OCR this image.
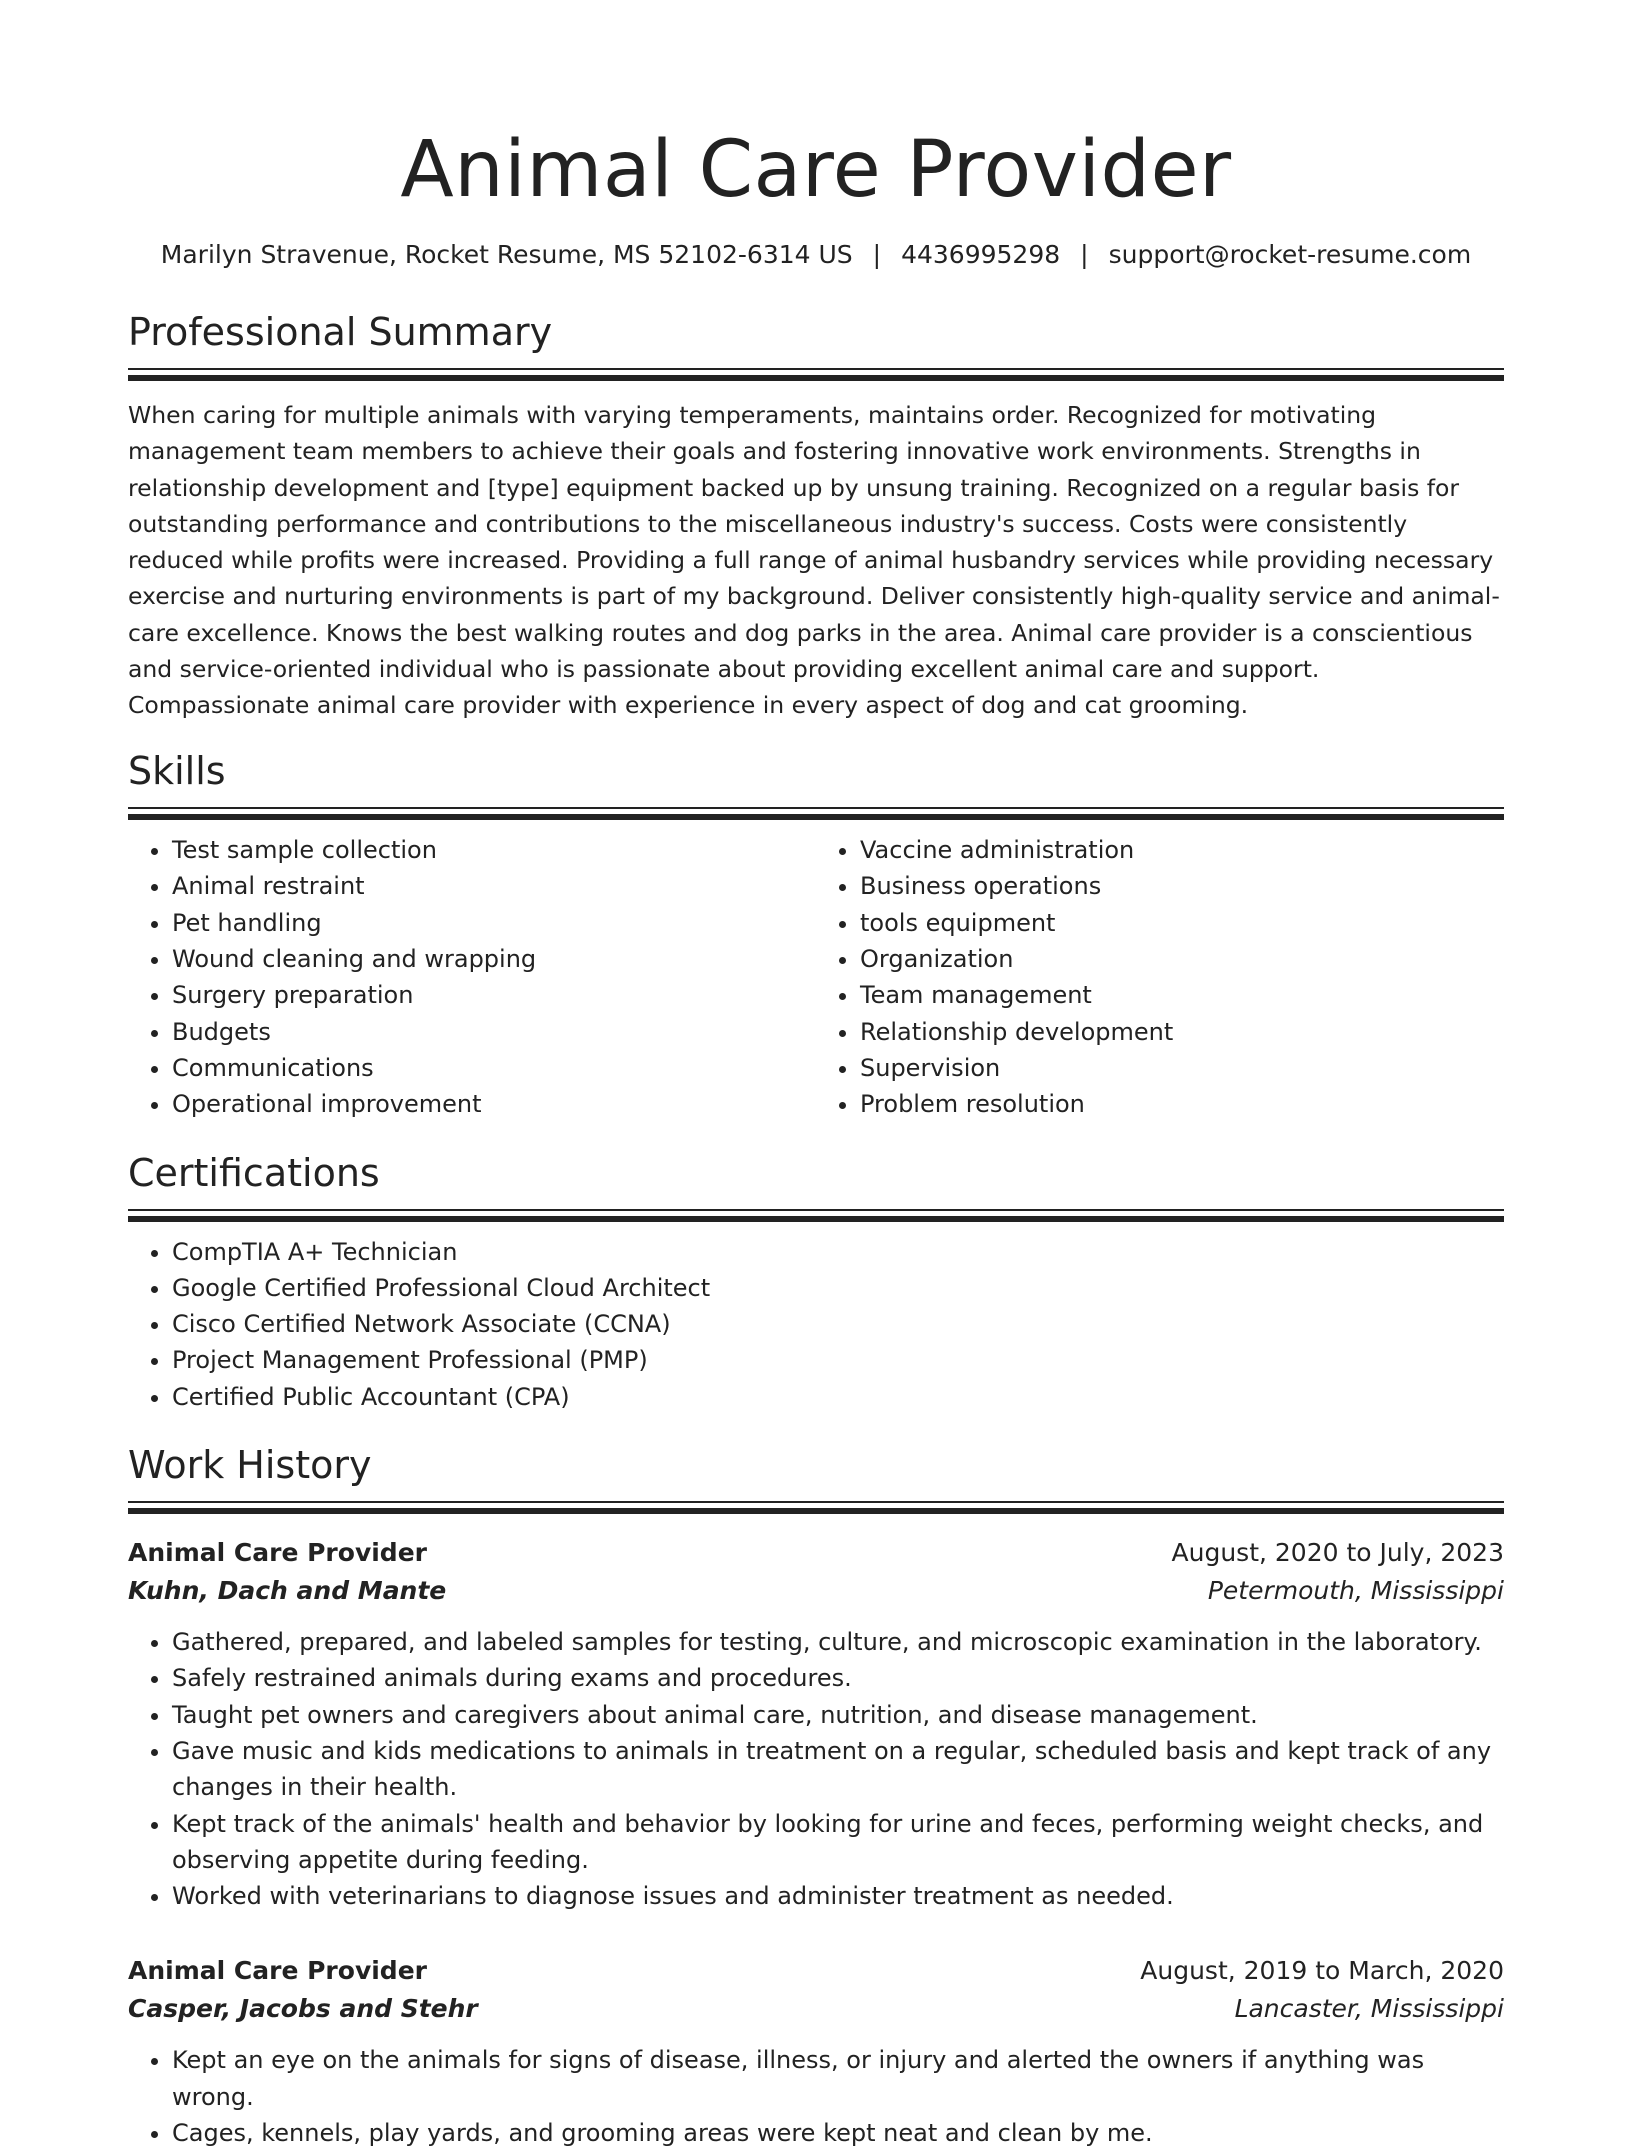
Animal Care Provider
Marilyn Stravenue, Rocket Resume, MS 52102-6314 US | 4436995298 | support@rocket-resume.com
Professional Summary

When caring for multiple animals with varying temperaments, maintains order. Recognized for motivating management team members to achieve their goals and fostering innovative work environments. Strengths in relationship development and [type] equipment backed up by unsung training. Recognized on a regular basis for outstanding performance and contributions to the miscellaneous industry's success. Costs were consistently reduced while profits were increased. Providing a full range of animal husbandry services while providing necessary exercise and nurturing environments is part of my background. Deliver consistently high-quality service and animal-care excellence. Knows the best walking routes and dog parks in the area. Animal care provider is a conscientious and service-oriented individual who is passionate about providing excellent animal care and support. Compassionate animal care provider with experience in every aspect of dog and cat grooming.

Skills
• Test sample collection
• Animal restraint
• Pet handling
• Wound cleaning and wrapping
• Surgery preparation
• Budgets
• Communications
• Operational improvement
• Vaccine administration
• Business operations
• tools equipment
• Organization
• Team management
• Relationship development
• Supervision
• Problem resolution
Certifications
• CompTIA A+ Technician
• Google Certified Professional Cloud Architect
• Cisco Certified Network Associate (CCNA)
• Project Management Professional (PMP)
• Certified Public Accountant (CPA)
Work History
Animal Care Provider	August, 2020 to July, 2023
Kuhn, Dach and Mante	Petermouth, Mississippi
• Gathered, prepared, and labeled samples for testing, culture, and microscopic examination in the laboratory.
• Safely restrained animals during exams and procedures.
• Taught pet owners and caregivers about animal care, nutrition, and disease management.
• Gave music and kids medications to animals in treatment on a regular, scheduled basis and kept track of any changes in their health.
• Kept track of the animals' health and behavior by looking for urine and feces, performing weight checks, and observing appetite during feeding.
• Worked with veterinarians to diagnose issues and administer treatment as needed.
Animal Care Provider	August, 2019 to March, 2020
Casper, Jacobs and Stehr	Lancaster, Mississippi
• Kept an eye on the animals for signs of disease, illness, or injury and alerted the owners if anything was wrong.
• Cages, kennels, play yards, and grooming areas were kept neat and clean by me.
